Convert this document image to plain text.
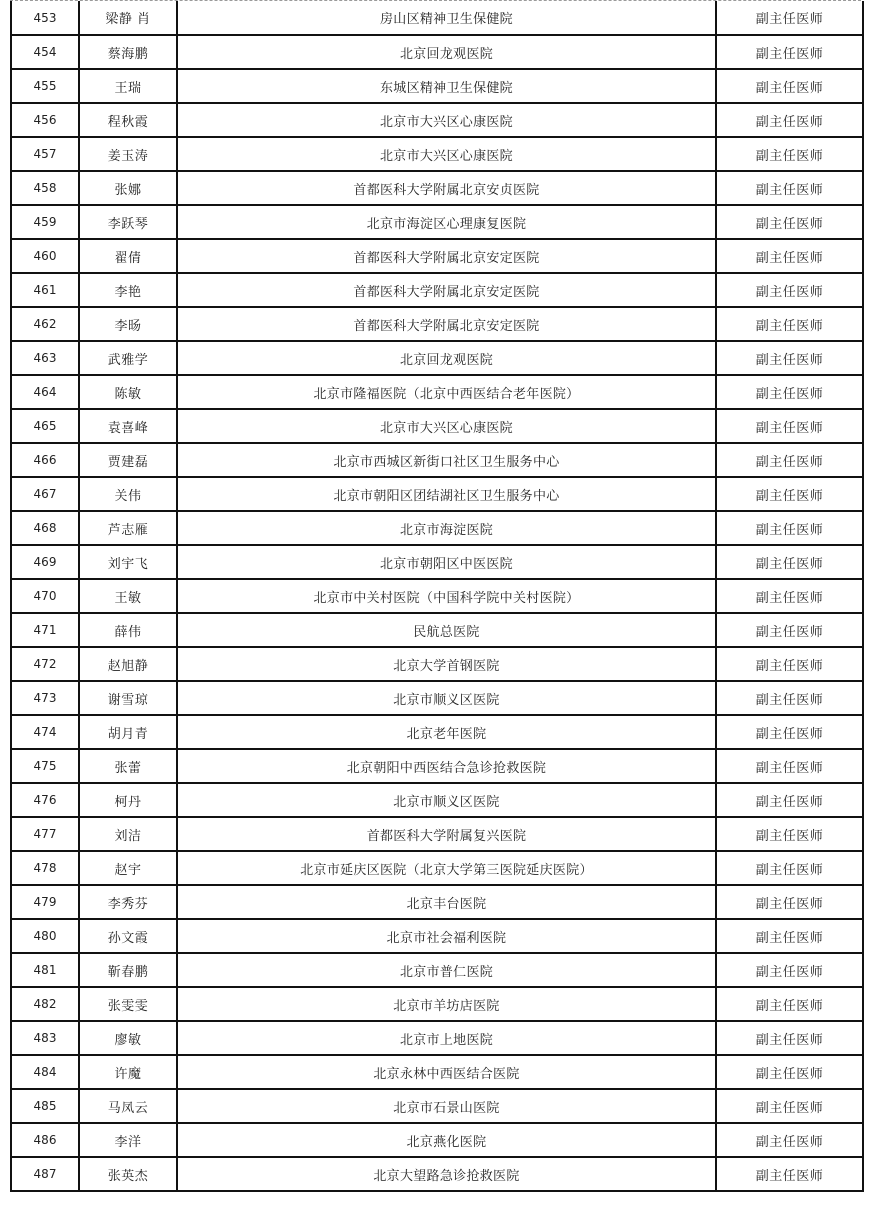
453	梁静 肖	房山区精神卫生保健院	副主任医师
454	蔡海鹏	北京回龙观医院	副主任医师
455	王瑞	东城区精神卫生保健院	副主任医师
456	程秋霞	北京市大兴区心康医院	副主任医师
457	姜玉涛	北京市大兴区心康医院	副主任医师
458	张娜	首都医科大学附属北京安贞医院	副主任医师
459	李跃琴	北京市海淀区心理康复医院	副主任医师
460	翟倩	首都医科大学附属北京安定医院	副主任医师
461	李艳	首都医科大学附属北京安定医院	副主任医师
462	李旸	首都医科大学附属北京安定医院	副主任医师
463	武雅学	北京回龙观医院	副主任医师
464	陈敏	北京市隆福医院（北京中西医结合老年医院）	副主任医师
465	袁喜峰	北京市大兴区心康医院	副主任医师
466	贾建磊	北京市西城区新街口社区卫生服务中心	副主任医师
467	关伟	北京市朝阳区团结湖社区卫生服务中心	副主任医师
468	芦志雁	北京市海淀医院	副主任医师
469	刘宇飞	北京市朝阳区中医医院	副主任医师
470	王敏	北京市中关村医院（中国科学院中关村医院）	副主任医师
471	薛伟	民航总医院	副主任医师
472	赵旭静	北京大学首钢医院	副主任医师
473	谢雪琼	北京市顺义区医院	副主任医师
474	胡月青	北京老年医院	副主任医师
475	张蕾	北京朝阳中西医结合急诊抢救医院	副主任医师
476	柯丹	北京市顺义区医院	副主任医师
477	刘洁	首都医科大学附属复兴医院	副主任医师
478	赵宇	北京市延庆区医院（北京大学第三医院延庆医院）	副主任医师
479	李秀芬	北京丰台医院	副主任医师
480	孙文霞	北京市社会福利医院	副主任医师
481	靳春鹏	北京市普仁医院	副主任医师
482	张雯雯	北京市羊坊店医院	副主任医师
483	廖敏	北京市上地医院	副主任医师
484	许魔	北京永林中西医结合医院	副主任医师
485	马凤云	北京市石景山医院	副主任医师
486	李洋	北京燕化医院	副主任医师
487	张英杰	北京大望路急诊抢救医院	副主任医师
